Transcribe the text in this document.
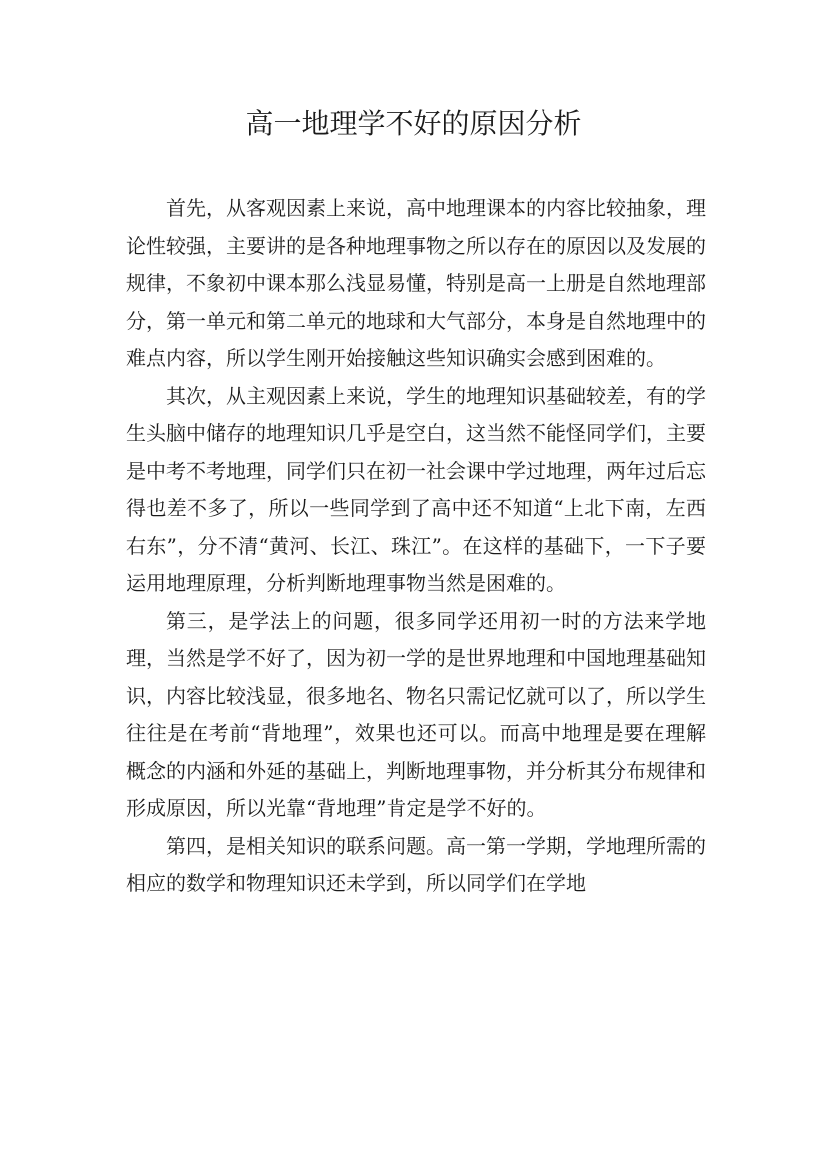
高一地理学不好的原因分析

首先，从客观因素上来说，高中地理课本的内容比较抽象，理论性较强，主要讲的是各种地理事物之所以存在的原因以及发展的规律，不象初中课本那么浅显易懂，特别是高一上册是自然地理部分，第一单元和第二单元的地球和大气部分，本身是自然地理中的难点内容，所以学生刚开始接触这些知识确实会感到困难的。

其次，从主观因素上来说，学生的地理知识基础较差，有的学生头脑中储存的地理知识几乎是空白，这当然不能怪同学们，主要是中考不考地理，同学们只在初一社会课中学过地理，两年过后忘得也差不多了，所以一些同学到了高中还不知道“上北下南，左西右东”，分不清“黄河、长江、珠江”。在这样的基础下，一下子要运用地理原理，分析判断地理事物当然是困难的。

第三，是学法上的问题，很多同学还用初一时的方法来学地理，当然是学不好了，因为初一学的是世界地理和中国地理基础知识，内容比较浅显，很多地名、物名只需记忆就可以了，所以学生往往是在考前“背地理”，效果也还可以。而高中地理是要在理解概念的内涵和外延的基础上，判断地理事物，并分析其分布规律和形成原因，所以光靠“背地理”肯定是学不好的。

第四，是相关知识的联系问题。高一第一学期，学地理所需的相应的数学和物理知识还未学到，所以同学们在学地
